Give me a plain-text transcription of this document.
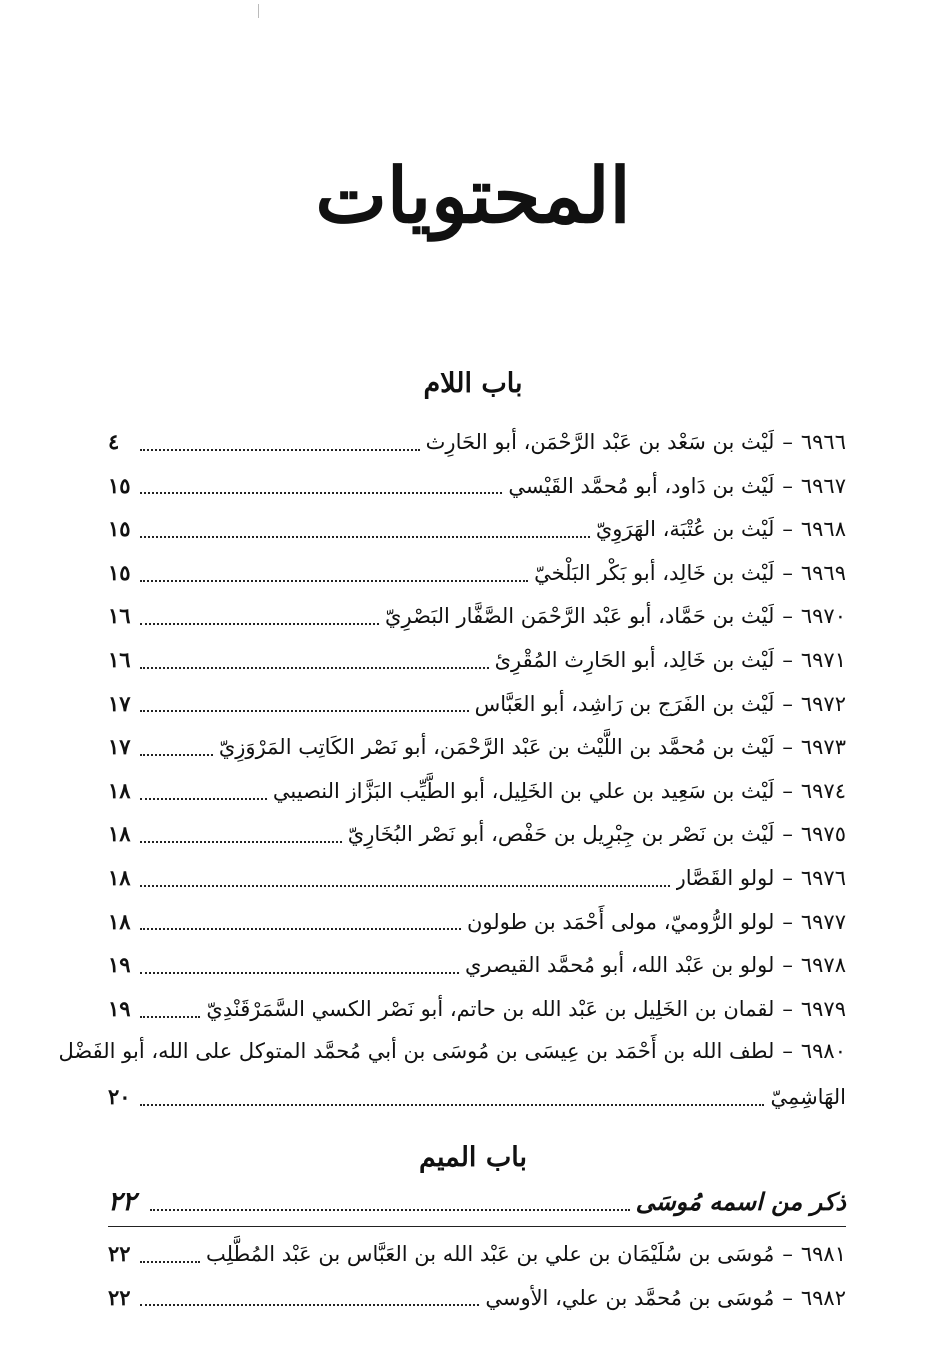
المحتويات
باب اللام
٦٩٦٦
–
لَيْث بن سَعْد بن عَبْد الرَّحْمَن، أبو الحَارِث
٤
٦٩٦٧
–
لَيْث بن دَاود، أبو مُحمَّد القَيْسي
١٥
٦٩٦٨
–
لَيْث بن عُتْبَة، الهَرَوِيّ
١٥
٦٩٦٩
–
لَيْث بن خَالِد، أبو بَكْر البَلْخيّ
١٥
٦٩٧٠
–
لَيْث بن حَمَّاد، أبو عَبْد الرَّحْمَن الصَّفَّار البَصْرِيّ
١٦
٦٩٧١
–
لَيْث بن خَالِد، أبو الحَارِث المُقْرِئ
١٦
٦٩٧٢
–
لَيْث بن الفَرَج بن رَاشِد، أبو العَبَّاس
١٧
٦٩٧٣
–
لَيْث بن مُحمَّد بن اللَّيْث بن عَبْد الرَّحْمَن، أبو نَصْر الكَاتِب المَرْوَزِيّ
١٧
٦٩٧٤
–
لَيْث بن سَعِيد بن علي بن الخَلِيل، أبو الطَّيِّب البَزَّاز النصيبي
١٨
٦٩٧٥
–
لَيْث بن نَصْر بن جِبْرِيل بن حَفْص، أبو نَصْر البُخَارِيّ
١٨
٦٩٧٦
–
لولو القَصَّار
١٨
٦٩٧٧
–
لولو الرُّوميّ، مولى أَحْمَد بن طولون
١٨
٦٩٧٨
–
لولو بن عَبْد الله، أبو مُحمَّد القيصري
١٩
٦٩٧٩
–
لقمان بن الخَلِيل بن عَبْد الله بن حاتم، أبو نَصْر الكسي السَّمَرْقَنْدِيّ
١٩
٦٩٨٠
–
لطف الله بن أَحْمَد بن عِيسَى بن مُوسَى بن أبي مُحمَّد المتوكل على الله، أبو الفَضْل
الهَاشِمِيّ
٢٠
باب الميم
ذكر من اسمه مُوسَى
٢٢
٦٩٨١
–
مُوسَى بن سُلَيْمَان بن علي بن عَبْد الله بن العَبَّاس بن عَبْد المُطَّلِب
٢٢
٦٩٨٢
–
مُوسَى بن مُحمَّد بن علي، الأوسي
٢٢
